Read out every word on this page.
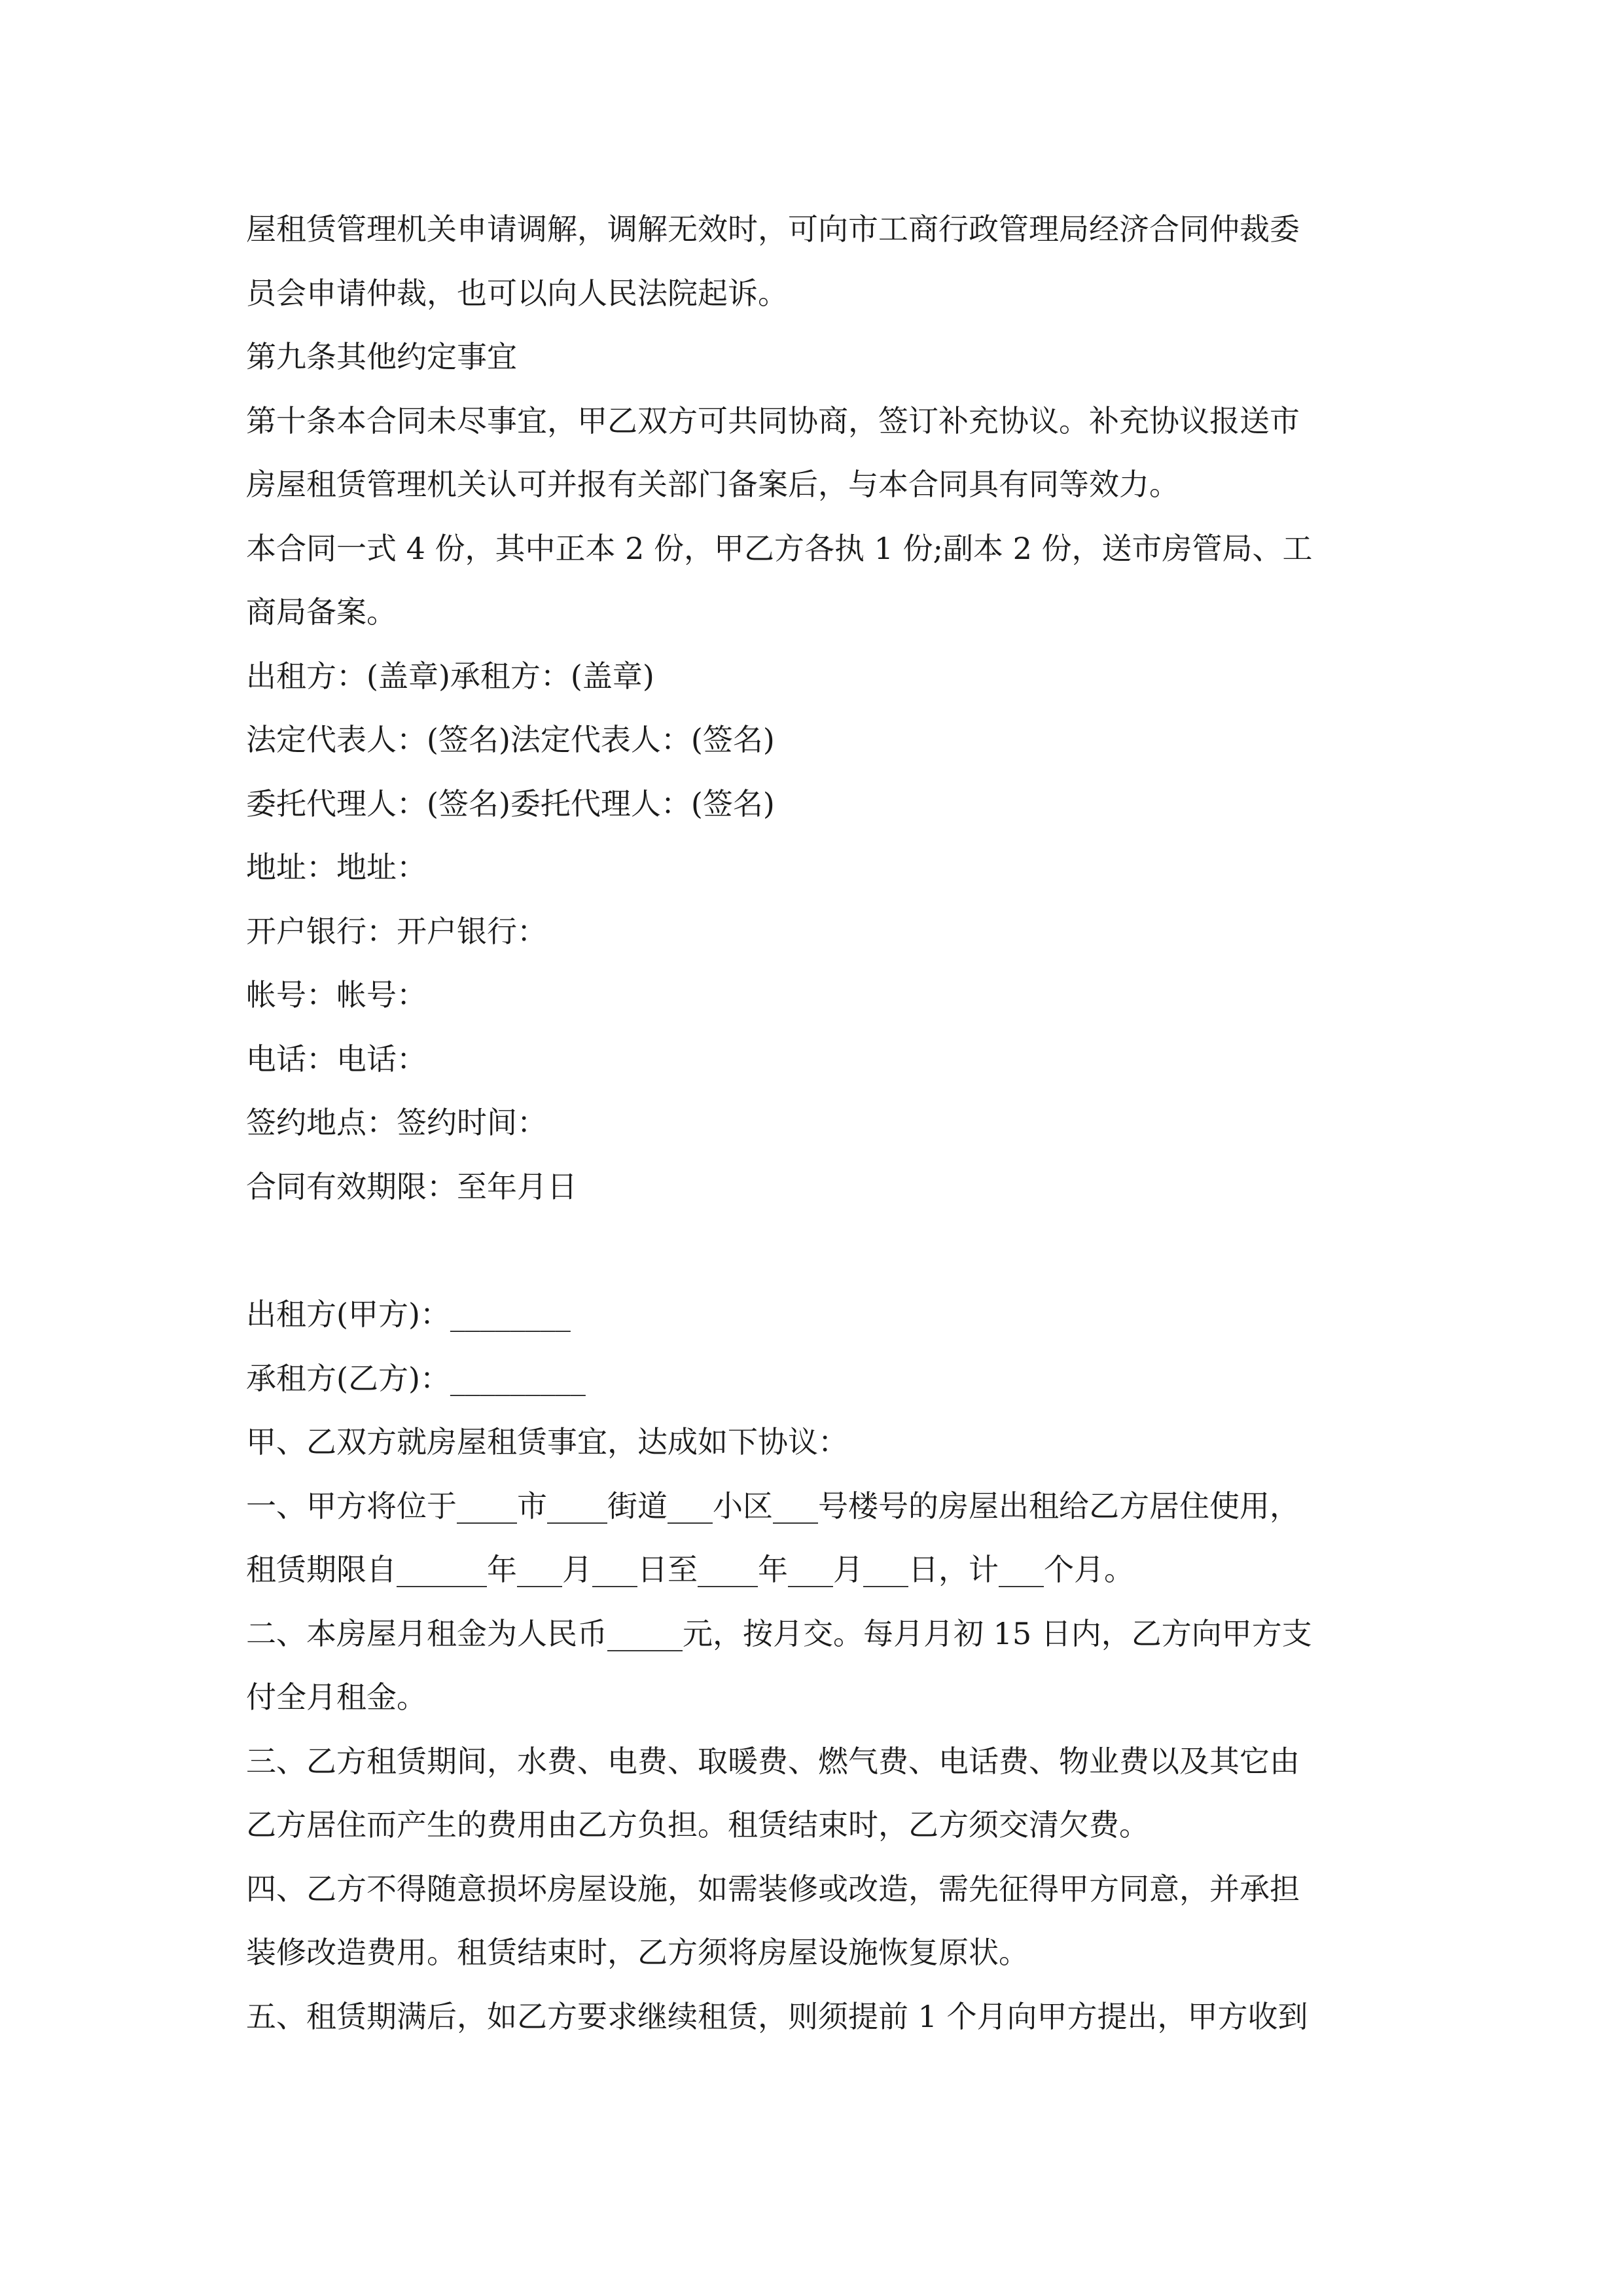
屋租赁管理机关申请调解，调解无效时，可向市工商行政管理局经济合同仲裁委
员会申请仲裁，也可以向人民法院起诉。
第九条其他约定事宜
第十条本合同未尽事宜，甲乙双方可共同协商，签订补充协议。补充协议报送市
房屋租赁管理机关认可并报有关部门备案后，与本合同具有同等效力。
本合同一式 4 份，其中正本 2 份，甲乙方各执 1 份;副本 2 份，送市房管局、工
商局备案。
出租方：(盖章)承租方：(盖章)
法定代表人：(签名)法定代表人：(签名)
委托代理人：(签名)委托代理人：(签名)
地址：地址：
开户银行：开户银行：
帐号：帐号：
电话：电话：
签约地点：签约时间：
合同有效期限：至年月日
出租方(甲方)：________
承租方(乙方)：_________
甲、乙双方就房屋租赁事宜，达成如下协议：
一、甲方将位于____市____街道___小区___号楼号的房屋出租给乙方居住使用，
租赁期限自______年___月___日至____年___月___日，计___个月。
二、本房屋月租金为人民币_____元，按月交。每月月初 15 日内，乙方向甲方支
付全月租金。
三、乙方租赁期间，水费、电费、取暖费、燃气费、电话费、物业费以及其它由
乙方居住而产生的费用由乙方负担。租赁结束时，乙方须交清欠费。
四、乙方不得随意损坏房屋设施，如需装修或改造，需先征得甲方同意，并承担
装修改造费用。租赁结束时，乙方须将房屋设施恢复原状。
五、租赁期满后，如乙方要求继续租赁，则须提前 1 个月向甲方提出，甲方收到
